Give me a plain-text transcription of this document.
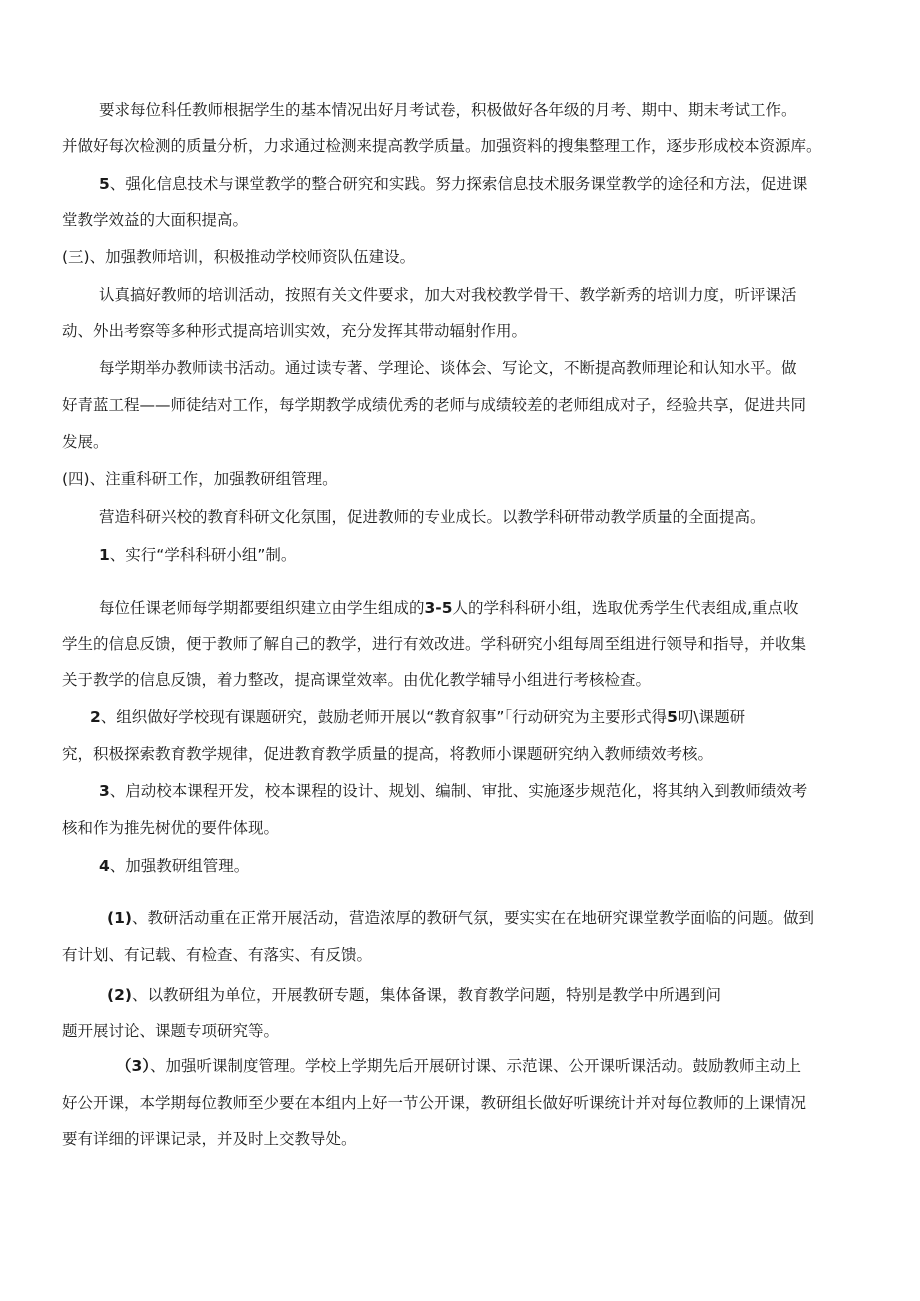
要求每位科任教师根据学生的基本情况出好月考试卷，积极做好各年级的月考、期中、期末考试工作。

并做好每次检测的质量分析，力求通过检测来提高教学质量。加强资料的搜集整理工作，逐步形成校本资源库。

5、强化信息技术与课堂教学的整合研究和实践。努力探索信息技术服务课堂教学的途径和方法，促进课

堂教学效益的大面积提高。

(三)、加强教师培训，积极推动学校师资队伍建设。

认真搞好教师的培训活动，按照有关文件要求，加大对我校教学骨干、教学新秀的培训力度，听评课活

动、外出考察等多种形式提高培训实效，充分发挥其带动辐射作用。

每学期举办教师读书活动。通过读专著、学理论、谈体会、写论文，不断提高教师理论和认知水平。做

好青蓝工程——师徒结对工作，每学期教学成绩优秀的老师与成绩较差的老师组成对子，经验共享，促进共同

发展。

(四)、注重科研工作，加强教研组管理。

营造科研兴校的教育科研文化氛围，促进教师的专业成长。以教学科研带动教学质量的全面提高。

1、实行“学科科研小组”制。

每位任课老师每学期都要组织建立由学生组成的3-5人的学科科研小组，选取优秀学生代表组成,重点收

学生的信息反馈，便于教师了解自己的教学，进行有效改进。学科研究小组每周至组进行领导和指导，并收集

关于教学的信息反馈，着力整改，提高课堂效率。由优化教学辅导小组进行考核检查。

2、组织做好学校现有课题研究，鼓励老师开展以“教育叙事”「行动研究为主要形式得5叨\课题研

究，积极探索教育教学规律，促进教育教学质量的提高，将教师小课题研究纳入教师绩效考核。

3、启动校本课程开发，校本课程的设计、规划、编制、审批、实施逐步规范化，将其纳入到教师绩效考

核和作为推先树优的要件体现。

4、加强教研组管理。

(1)、教研活动重在正常开展活动，营造浓厚的教研气氛，要实实在在地研究课堂教学面临的问题。做到

有计划、有记载、有检查、有落实、有反馈。

(2)、以教研组为单位，开展教研专题，集体备课，教育教学问题，特别是教学中所遇到问

题开展讨论、课题专项研究等。

（3）、加强听课制度管理。学校上学期先后开展研讨课、示范课、公开课听课活动。鼓励教师主动上

好公开课，本学期每位教师至少要在本组内上好一节公开课，教研组长做好听课统计并对每位教师的上课情况

要有详细的评课记录，并及时上交教导处。
